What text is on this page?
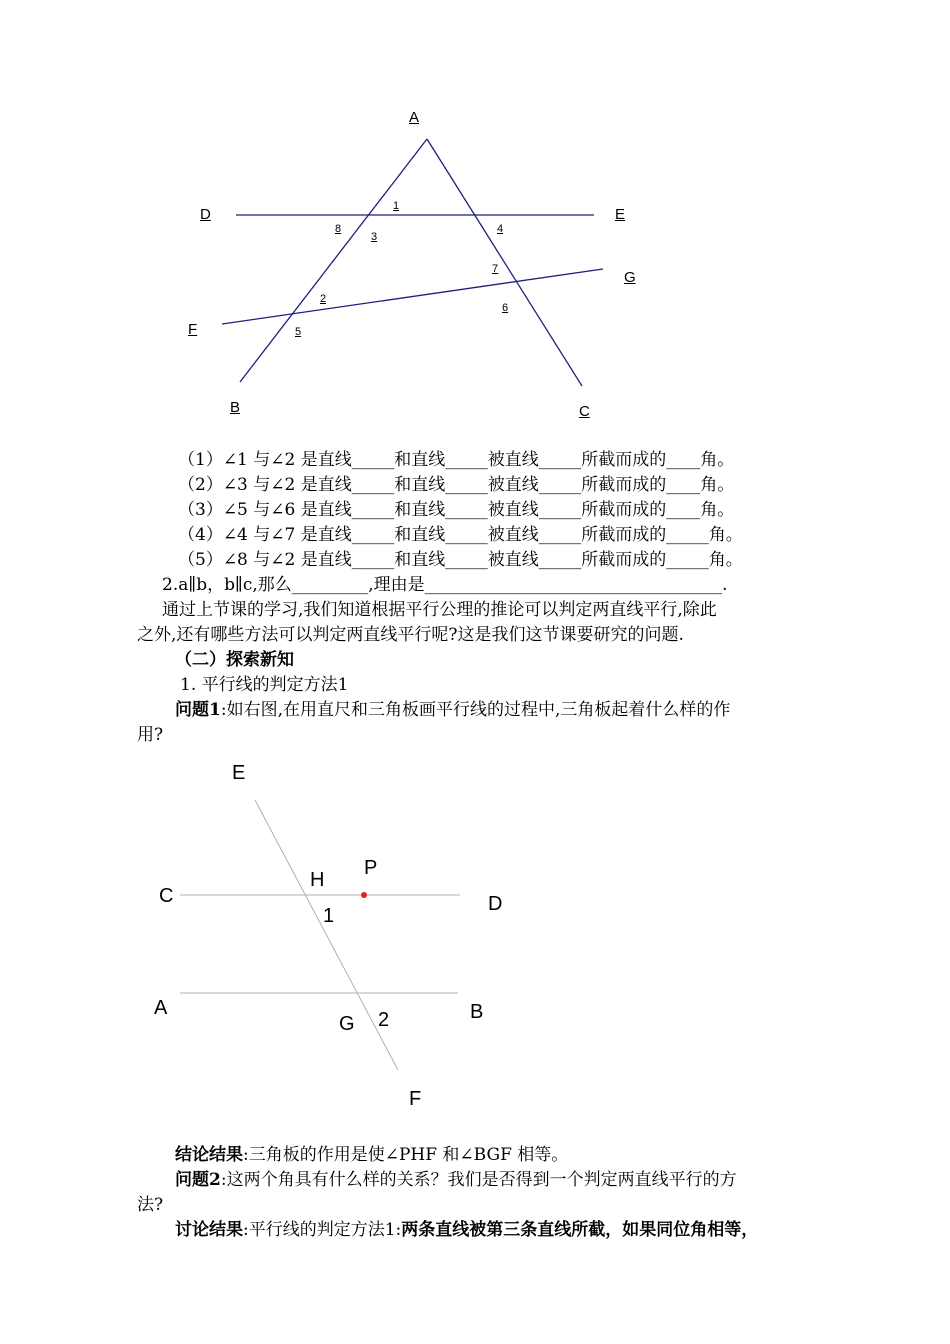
A
D	E
G
F
B	C
1
8
3
4
7
2
6
5
（1）∠1 与∠2 是直线_____和直线_____被直线_____所截而成的____角。
（2）∠3 与∠2 是直线_____和直线_____被直线_____所截而成的____角。
（3）∠5 与∠6 是直线_____和直线_____被直线_____所截而成的____角。
（4）∠4 与∠7 是直线_____和直线_____被直线_____所截而成的_____角。
（5）∠8 与∠2 是直线_____和直线_____被直线_____所截而成的_____角。
2.a∥b，b∥c,那么_________,理由是___________________________________.
通过上节课的学习,我们知道根据平行公理的推论可以判定两直线平行,除此
之外,还有哪些方法可以判定两直线平行呢?这是我们这节课要研究的问题.
（二）探索新知
1. 平行线的判定方法1
问题1:如右图,在用直尺和三角板画平行线的过程中,三角板起着什么样的作
用?
E
P
H
C	D
1
A	B
G 2
F
结论结果:三角板的作用是使∠PHF 和∠BGF 相等。
问题2:这两个角具有什么样的关系？我们是否得到一个判定两直线平行的方
法?
讨论结果:平行线的判定方法1:两条直线被第三条直线所截，如果同位角相等，
